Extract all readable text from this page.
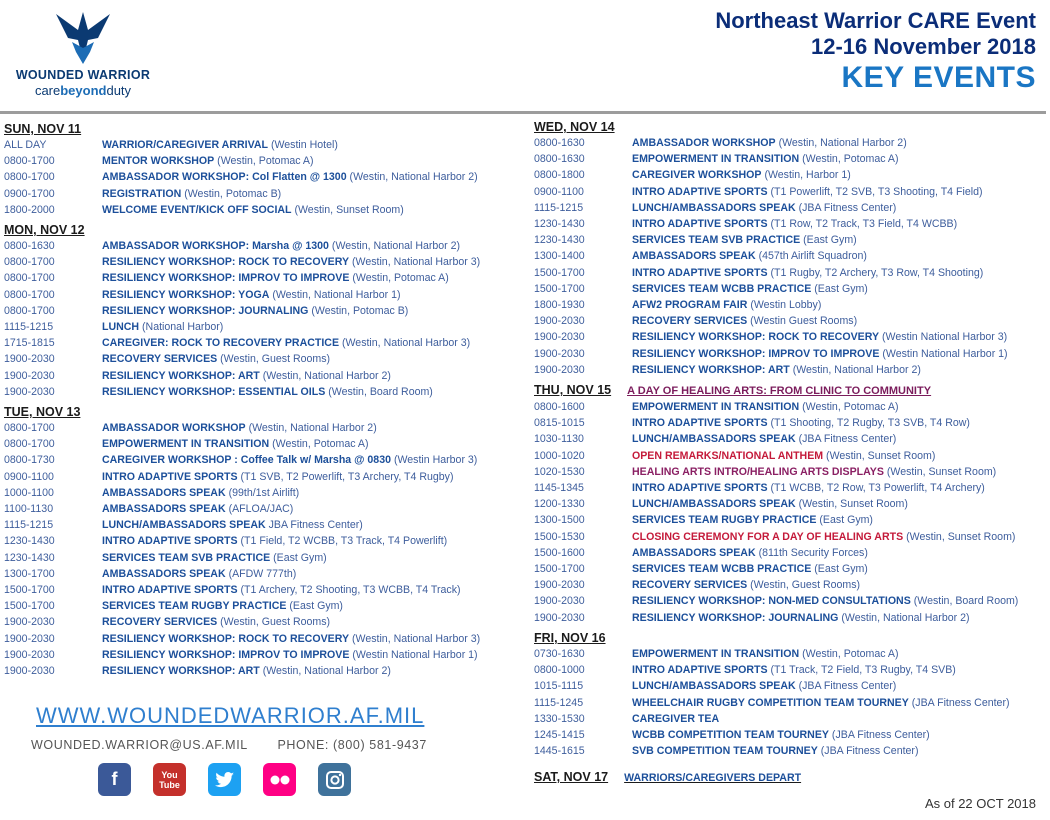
WOUNDED WARRIOR
carebeyondduty
Northeast Warrior CARE Event
12-16 November 2018
KEY EVENTS
SUN, NOV 11
ALL DAY	WARRIOR/CAREGIVER ARRIVAL (Westin Hotel)
0800-1700	MENTOR WORKSHOP (Westin, Potomac A)
0800-1700	AMBASSADOR WORKSHOP: Col Flatten @ 1300 (Westin, National Harbor 2)
0900-1700	REGISTRATION (Westin, Potomac B)
1800-2000	WELCOME EVENT/KICK OFF SOCIAL (Westin, Sunset Room)
MON, NOV 12
0800-1630	AMBASSADOR WORKSHOP: Marsha @ 1300 (Westin, National Harbor 2)
0800-1700	RESILIENCY WORKSHOP: ROCK TO RECOVERY (Westin, National Harbor 3)
0800-1700	RESILIENCY WORKSHOP: IMPROV TO IMPROVE (Westin, Potomac A)
0800-1700	RESILIENCY WORKSHOP: YOGA (Westin, National Harbor 1)
0800-1700	RESILIENCY WORKSHOP: JOURNALING (Westin, Potomac B)
1115-1215	LUNCH (National Harbor)
1715-1815	CAREGIVER: ROCK TO RECOVERY PRACTICE (Westin, National Harbor 3)
1900-2030	RECOVERY SERVICES (Westin, Guest Rooms)
1900-2030	RESILIENCY WORKSHOP: ART (Westin, National Harbor 2)
1900-2030	RESILIENCY WORKSHOP: ESSENTIAL OILS (Westin, Board Room)
TUE, NOV 13
0800-1700	AMBASSADOR WORKSHOP (Westin, National Harbor 2)
0800-1700	EMPOWERMENT IN TRANSITION (Westin, Potomac A)
0800-1730	CAREGIVER WORKSHOP : Coffee Talk w/ Marsha @ 0830 (Westin Harbor 3)
0900-1100	INTRO ADAPTIVE SPORTS (T1 SVB, T2 Powerlift, T3 Archery, T4 Rugby)
1000-1100	AMBASSADORS SPEAK (99th/1st Airlift)
1100-1130	AMBASSADORS SPEAK (AFLOA/JAC)
1115-1215	LUNCH/AMBASSADORS SPEAK JBA Fitness Center)
1230-1430	INTRO ADAPTIVE SPORTS (T1 Field, T2 WCBB, T3 Track, T4 Powerlift)
1230-1430	SERVICES TEAM SVB PRACTICE (East Gym)
1300-1700	AMBASSADORS SPEAK (AFDW 777th)
1500-1700	INTRO ADAPTIVE SPORTS (T1 Archery, T2 Shooting, T3 WCBB, T4 Track)
1500-1700	SERVICES TEAM RUGBY PRACTICE (East Gym)
1900-2030	RECOVERY SERVICES (Westin, Guest Rooms)
1900-2030	RESILIENCY WORKSHOP: ROCK TO RECOVERY (Westin, National Harbor 3)
1900-2030	RESILIENCY WORKSHOP: IMPROV TO IMPROVE (Westin National Harbor 1)
1900-2030	RESILIENCY WORKSHOP: ART (Westin, National Harbor 2)
WED, NOV 14
0800-1630	AMBASSADOR WORKSHOP (Westin, National Harbor 2)
0800-1630	EMPOWERMENT IN TRANSITION (Westin, Potomac A)
0800-1800	CAREGIVER WORKSHOP (Westin, Harbor 1)
0900-1100	INTRO ADAPTIVE SPORTS (T1 Powerlift, T2 SVB, T3 Shooting, T4 Field)
1115-1215	LUNCH/AMBASSADORS SPEAK (JBA Fitness Center)
1230-1430	INTRO ADAPTIVE SPORTS (T1 Row, T2 Track, T3 Field, T4 WCBB)
1230-1430	SERVICES TEAM SVB PRACTICE (East Gym)
1300-1400	AMBASSADORS SPEAK (457th Airlift Squadron)
1500-1700	INTRO ADAPTIVE SPORTS (T1 Rugby, T2 Archery, T3 Row, T4 Shooting)
1500-1700	SERVICES TEAM WCBB PRACTICE (East Gym)
1800-1930	AFW2 PROGRAM FAIR (Westin Lobby)
1900-2030	RECOVERY SERVICES (Westin Guest Rooms)
1900-2030	RESILIENCY WORKSHOP: ROCK TO RECOVERY (Westin National Harbor 3)
1900-2030	RESILIENCY WORKSHOP: IMPROV TO IMPROVE (Westin National Harbor 1)
1900-2030	RESILIENCY WORKSHOP: ART (Westin, National Harbor 2)
THU, NOV 15 A DAY OF HEALING ARTS: FROM CLINIC TO COMMUNITY
0800-1600	EMPOWERMENT IN TRANSITION (Westin, Potomac A)
0815-1015	INTRO ADAPTIVE SPORTS (T1 Shooting, T2 Rugby, T3 SVB, T4 Row)
1030-1130	LUNCH/AMBASSADORS SPEAK (JBA Fitness Center)
1000-1020	OPEN REMARKS/NATIONAL ANTHEM (Westin, Sunset Room)
1020-1530	HEALING ARTS INTRO/HEALING ARTS DISPLAYS (Westin, Sunset Room)
1145-1345	INTRO ADAPTIVE SPORTS (T1 WCBB, T2 Row, T3 Powerlift, T4 Archery)
1200-1330	LUNCH/AMBASSADORS SPEAK (Westin, Sunset Room)
1300-1500	SERVICES TEAM RUGBY PRACTICE (East Gym)
1500-1530	CLOSING CEREMONY FOR A DAY OF HEALING ARTS (Westin, Sunset Room)
1500-1600	AMBASSADORS SPEAK (811th Security Forces)
1500-1700	SERVICES TEAM WCBB PRACTICE (East Gym)
1900-2030	RECOVERY SERVICES (Westin, Guest Rooms)
1900-2030	RESILIENCY WORKSHOP: NON-MED CONSULTATIONS (Westin, Board Room)
1900-2030	RESILIENCY WORKSHOP: JOURNALING (Westin, National Harbor 2)
FRI, NOV 16
0730-1630	EMPOWERMENT IN TRANSITION (Westin, Potomac A)
0800-1000	INTRO ADAPTIVE SPORTS (T1 Track, T2 Field, T3 Rugby, T4 SVB)
1015-1115	LUNCH/AMBASSADORS SPEAK (JBA Fitness Center)
1115-1245	WHEELCHAIR RUGBY COMPETITION TEAM TOURNEY (JBA Fitness Center)
1330-1530	CAREGIVER TEA
1245-1415	WCBB COMPETITION TEAM TOURNEY (JBA Fitness Center)
1445-1615	SVB COMPETITION TEAM TOURNEY (JBA Fitness Center)
SAT, NOV 17 WARRIORS/CAREGIVERS DEPART
WWW.WOUNDEDWARRIOR.AF.MIL
WOUNDED.WARRIOR@US.AF.MIL PHONE: (800) 581-9437
f	You
Tube
As of 22 OCT 2018
